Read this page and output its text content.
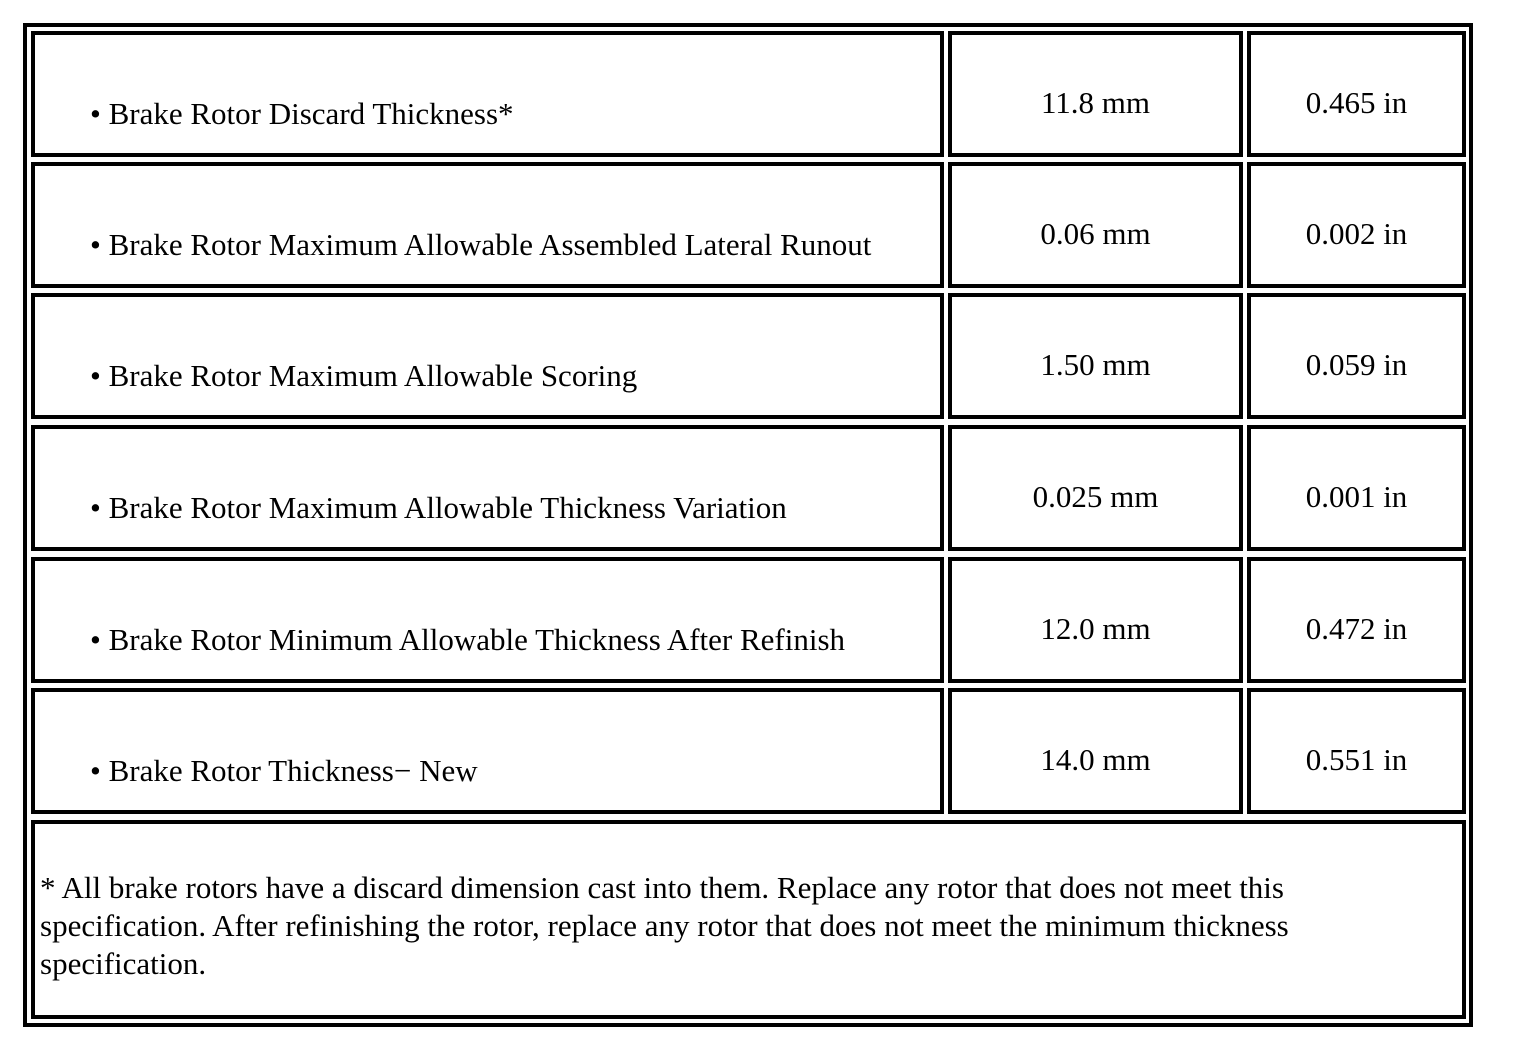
• Brake Rotor Discard Thickness*	11.8 mm	0.465 in
• Brake Rotor Maximum Allowable Assembled Lateral Runout	0.06 mm	0.002 in
• Brake Rotor Maximum Allowable Scoring	1.50 mm	0.059 in
• Brake Rotor Maximum Allowable Thickness Variation	0.025 mm	0.001 in
• Brake Rotor Minimum Allowable Thickness After Refinish	12.0 mm	0.472 in
• Brake Rotor Thickness− New	14.0 mm	0.551 in
* All brake rotors have a discard dimension cast into them. Replace any rotor that does not meet this specification. After refinishing the rotor, replace any rotor that does not meet the minimum thickness specification.
